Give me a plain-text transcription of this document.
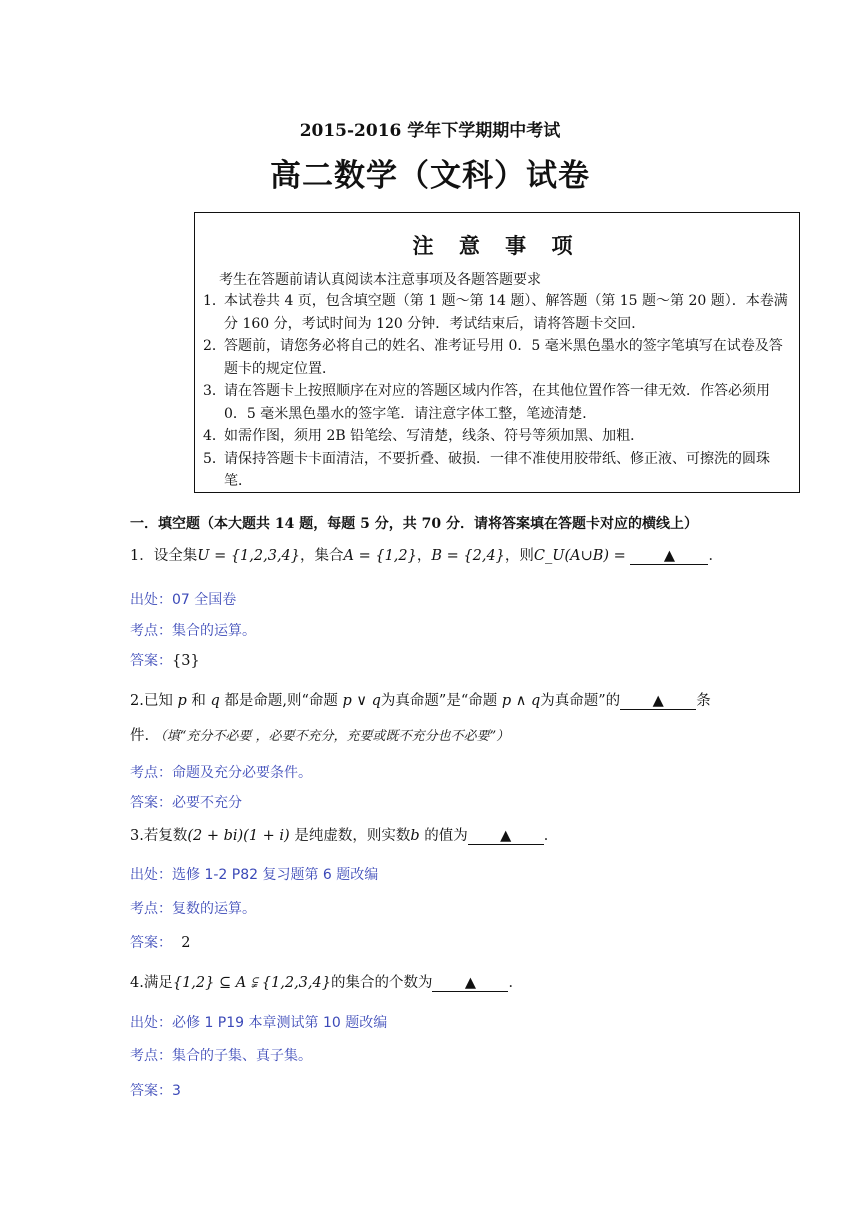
2015-2016 学年下学期期中考试
高二数学（文科）试卷
注 意 事 项
考生在答题前请认真阅读本注意事项及各题答题要求
1．
本试卷共 4 页，包含填空题（第 1 题～第 14 题）、解答题（第 15 题～第 20 题）．本卷满分 160 分，考试时间为 120 分钟．考试结束后，请将答题卡交回．
2．
答题前，请您务必将自己的姓名、准考证号用 0．5 毫米黑色墨水的签字笔填写在试卷及答题卡的规定位置．
3．
请在答题卡上按照顺序在对应的答题区域内作答，在其他位置作答一律无效．作答必须用 0．5 毫米黑色墨水的签字笔．请注意字体工整，笔迹清楚．
4．
如需作图，须用 2B 铅笔绘、写清楚，线条、符号等须加黑、加粗．
5．
请保持答题卡卡面清洁，不要折叠、破损．一律不准使用胶带纸、修正液、可擦洗的圆珠笔．
一．填空题（本大题共 14 题，每题 5 分，共 70 分．请将答案填在答题卡对应的横线上）
1．设全集U = {1,2,3,4}，集合A = {1,2}，B = {2,4}，则C_U(A∪B) =	▲ ．
出处：07 全国卷
考点：集合的运算。
答案：{3}
2.已知 p 和 q 都是命题,则“命题 p ∨ q为真命题”是“命题 p ∧ q为真命题”的 ▲ 条
件. （填“充分不必要 ，必要不充分，充要或既不充分也不必要”）
考点：命题及充分必要条件。
答案：必要不充分
3.若复数(2 + bi)(1 + i) 是纯虚数，则实数b 的值为 ▲ ．
出处：选修 1-2 P82 复习题第 6 题改编
考点：复数的运算。
答案： 2
4.满足{1,2} ⊆ A ⫋ {1,2,3,4}的集合的个数为 ▲ ．
出处：必修 1 P19 本章测试第 10 题改编
考点：集合的子集、真子集。
答案：3
